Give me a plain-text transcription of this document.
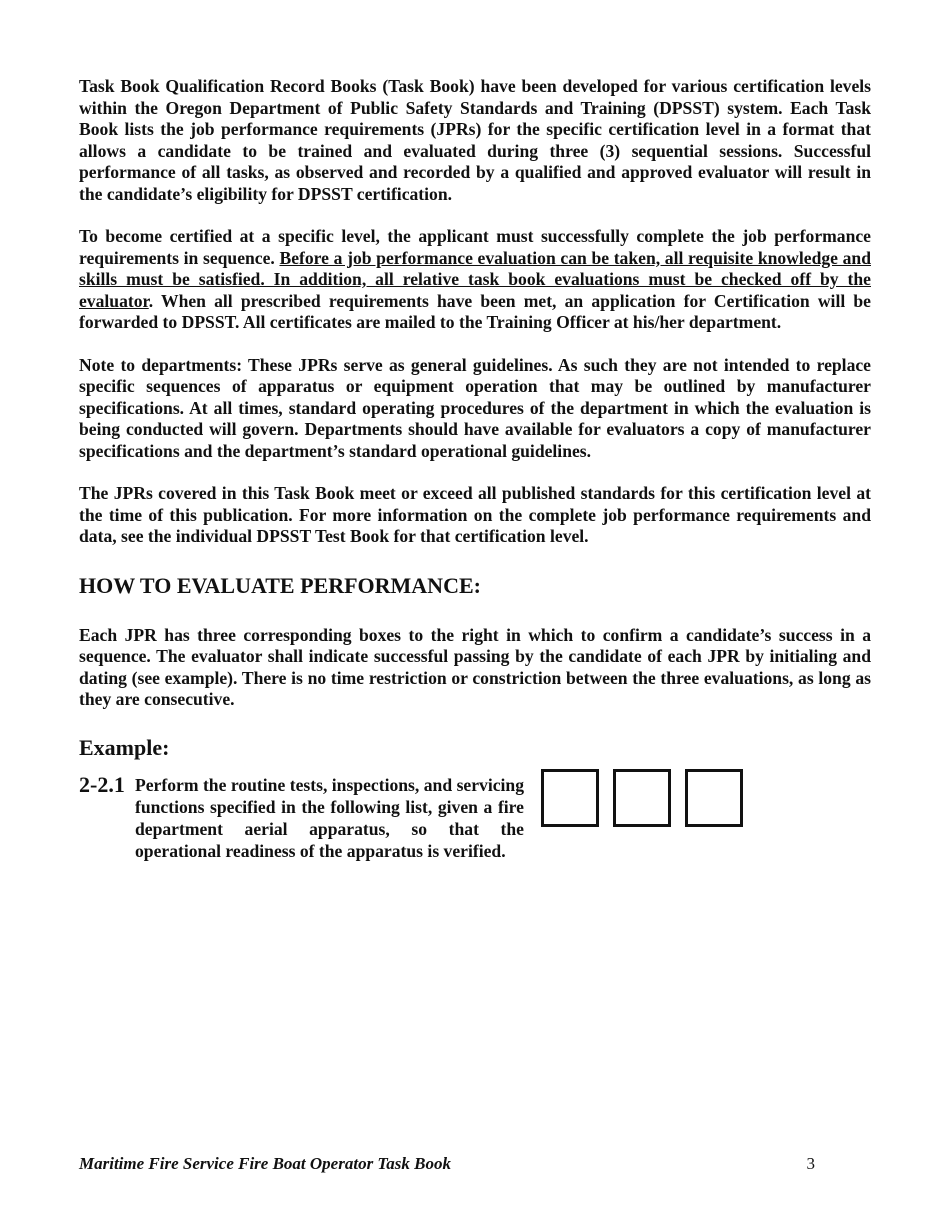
Task Book Qualification Record Books (Task Book) have been developed for various certification levels within the Oregon Department of Public Safety Standards and Training (DPSST) system. Each Task Book lists the job performance requirements (JPRs) for the specific certification level in a format that allows a candidate to be trained and evaluated during three (3) sequential sessions. Successful performance of all tasks, as observed and recorded by a qualified and approved evaluator will result in the candidate’s eligibility for DPSST certification.

To become certified at a specific level, the applicant must successfully complete the job performance requirements in sequence. Before a job performance evaluation can be taken, all requisite knowledge and skills must be satisfied. In addition, all relative task book evaluations must be checked off by the evaluator. When all prescribed requirements have been met, an application for Certification will be forwarded to DPSST. All certificates are mailed to the Training Officer at his/her department.

Note to departments: These JPRs serve as general guidelines. As such they are not intended to replace specific sequences of apparatus or equipment operation that may be outlined by manufacturer specifications. At all times, standard operating procedures of the department in which the evaluation is being conducted will govern. Departments should have available for evaluators a copy of manufacturer specifications and the department’s standard operational guidelines.

The JPRs covered in this Task Book meet or exceed all published standards for this certification level at the time of this publication. For more information on the complete job performance requirements and data, see the individual DPSST Test Book for that certification level.

HOW TO EVALUATE PERFORMANCE:

Each JPR has three corresponding boxes to the right in which to confirm a candidate’s success in a sequence. The evaluator shall indicate successful passing by the candidate of each JPR by initialing and dating (see example). There is no time restriction or constriction between the three evaluations, as long as they are consecutive.

Example:
2-2.1 Perform the routine tests, inspections, and servicing functions specified in the following list, given a fire department aerial apparatus, so that the operational readiness of the apparatus is verified.
Maritime Fire Service Fire Boat Operator Task Book	3
